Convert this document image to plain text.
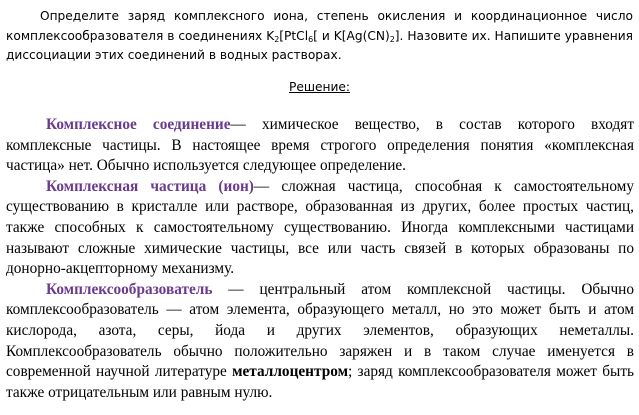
Определите заряд комплексного иона, степень окисления и координационное число комплексообразователя в соединениях $K_2[PtCl_6$[ и $K[Ag(CN)_2]$. Назовите их. Напишите уравнения диссоциации этих соединений в водных растворах.

Решение:

Комплексное соединение— химическое вещество, в состав которого входят комплексные частицы. В настоящее время строгого определения понятия «комплексная частица» нет. Обычно используется следующее определение.

Комплексная частица (ион)— сложная частица, способная к самостоятельному существованию в кристалле или растворе, образованная из других, более простых частиц, также способных к самостоятельному существованию. Иногда комплексными частицами называют сложные химические частицы, все или часть связей в которых образованы по донорно-акцепторному механизму.

Комплексообразователь — центральный атом комплексной частицы. Обычно комплексообразователь — атом элемента, образующего металл, но это может быть и атом кислорода, азота, серы, йода и других элементов, образующих неметаллы. Комплексообразователь обычно положительно заряжен и в таком случае именуется в современной научной литературе металлоцентром; заряд комплексообразователя может быть также отрицательным или равным нулю.
